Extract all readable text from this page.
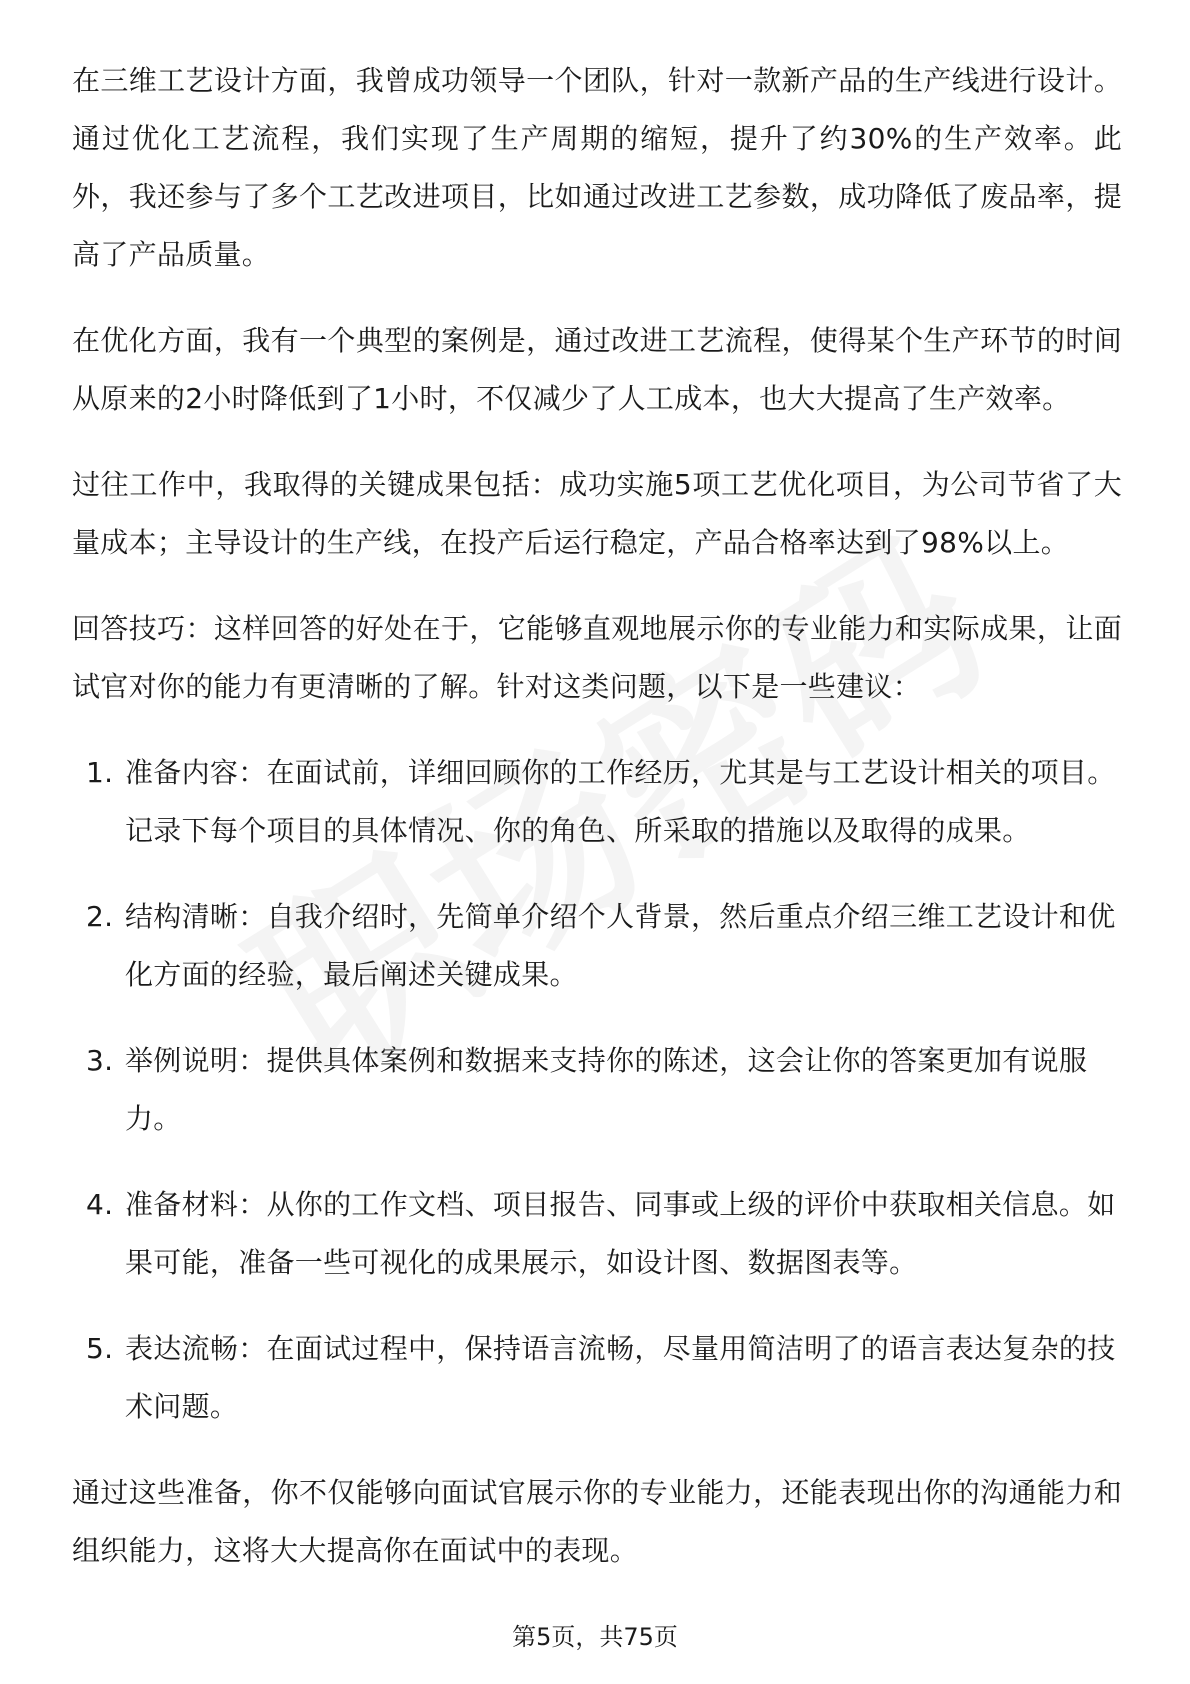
在三维工艺设计方面，我曾成功领导一个团队，针对一款新产品的生产线进行设计。通过优化工艺流程，我们实现了生产周期的缩短，提升了约30%的生产效率。此外，我还参与了多个工艺改进项目，比如通过改进工艺参数，成功降低了废品率，提高了产品质量。

在优化方面，我有一个典型的案例是，通过改进工艺流程，使得某个生产环节的时间从原来的2小时降低到了1小时，不仅减少了人工成本，也大大提高了生产效率。

过往工作中，我取得的关键成果包括：成功实施5项工艺优化项目，为公司节省了大量成本；主导设计的生产线，在投产后运行稳定，产品合格率达到了98%以上。

回答技巧：这样回答的好处在于，它能够直观地展示你的专业能力和实际成果，让面试官对你的能力有更清晰的了解。针对这类问题，以下是一些建议：

1. 准备内容：在面试前，详细回顾你的工作经历，尤其是与工艺设计相关的项目。记录下每个项目的具体情况、你的角色、所采取的措施以及取得的成果。
2. 结构清晰：自我介绍时，先简单介绍个人背景，然后重点介绍三维工艺设计和优化方面的经验，最后阐述关键成果。
3. 举例说明：提供具体案例和数据来支持你的陈述，这会让你的答案更加有说服力。
4. 准备材料：从你的工作文档、项目报告、同事或上级的评价中获取相关信息。如果可能，准备一些可视化的成果展示，如设计图、数据图表等。
5. 表达流畅：在面试过程中，保持语言流畅，尽量用简洁明了的语言表达复杂的技术问题。

通过这些准备，你不仅能够向面试官展示你的专业能力，还能表现出你的沟通能力和组织能力，这将大大提高你在面试中的表现。

第5页，共75页
